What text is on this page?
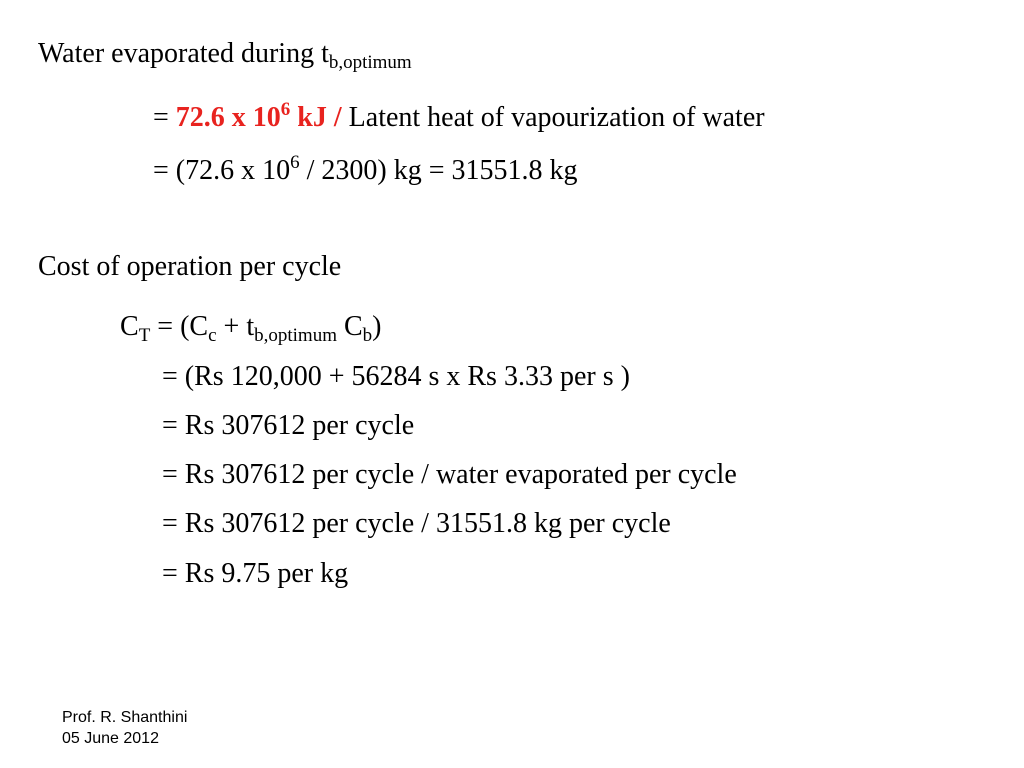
Water evaporated during $t_{b,optimum}$
= 72.6 x $10^6$ kJ / Latent heat of vapourization of water
= (72.6 x $10^6 / 2300$) kg = 31551.8 kg
Cost of operation per cycle
$C_T = (C_c + t_{b,optimum}$ $C_b$)
= (Rs 120,000 + 56284 s x Rs 3.33 per s )
= Rs 307612 per cycle
= Rs 307612 per cycle / water evaporated per cycle
= Rs 307612 per cycle / 31551.8 kg per cycle
= Rs 9.75 per kg
Prof. R. Shanthini
05 June 2012
